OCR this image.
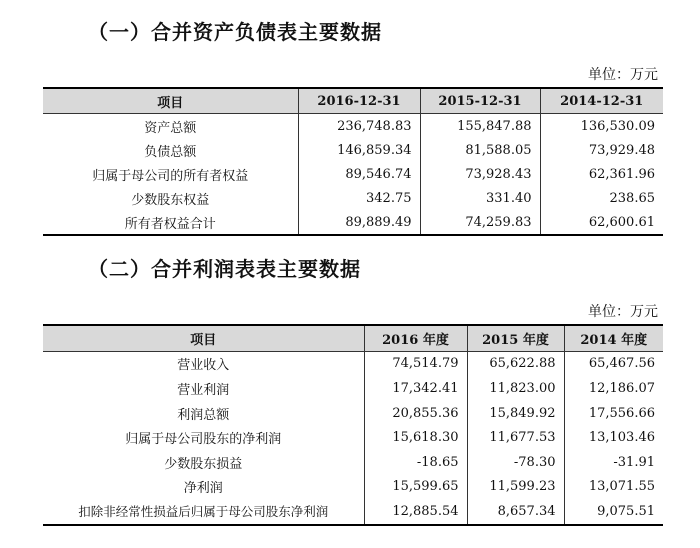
（一）合并资产负债表主要数据
单位：万元
项目	2016-12-31	2015-12-31	2014-12-31
资产总额	236,748.83	155,847.88	136,530.09
负债总额	146,859.34	81,588.05	73,929.48
归属于母公司的所有者权益	89,546.74	73,928.43	62,361.96
少数股东权益	342.75	331.40	238.65
所有者权益合计	89,889.49	74,259.83	62,600.61
（二）合并利润表表主要数据
单位：万元
项目	2016 年度	2015 年度	2014 年度
营业收入	74,514.79	65,622.88	65,467.56
营业利润	17,342.41	11,823.00	12,186.07
利润总额	20,855.36	15,849.92	17,556.66
归属于母公司股东的净利润	15,618.30	11,677.53	13,103.46
少数股东损益	-18.65	-78.30	-31.91
净利润	15,599.65	11,599.23	13,071.55
扣除非经常性损益后归属于母公司股东净利润	12,885.54	8,657.34	9,075.51
